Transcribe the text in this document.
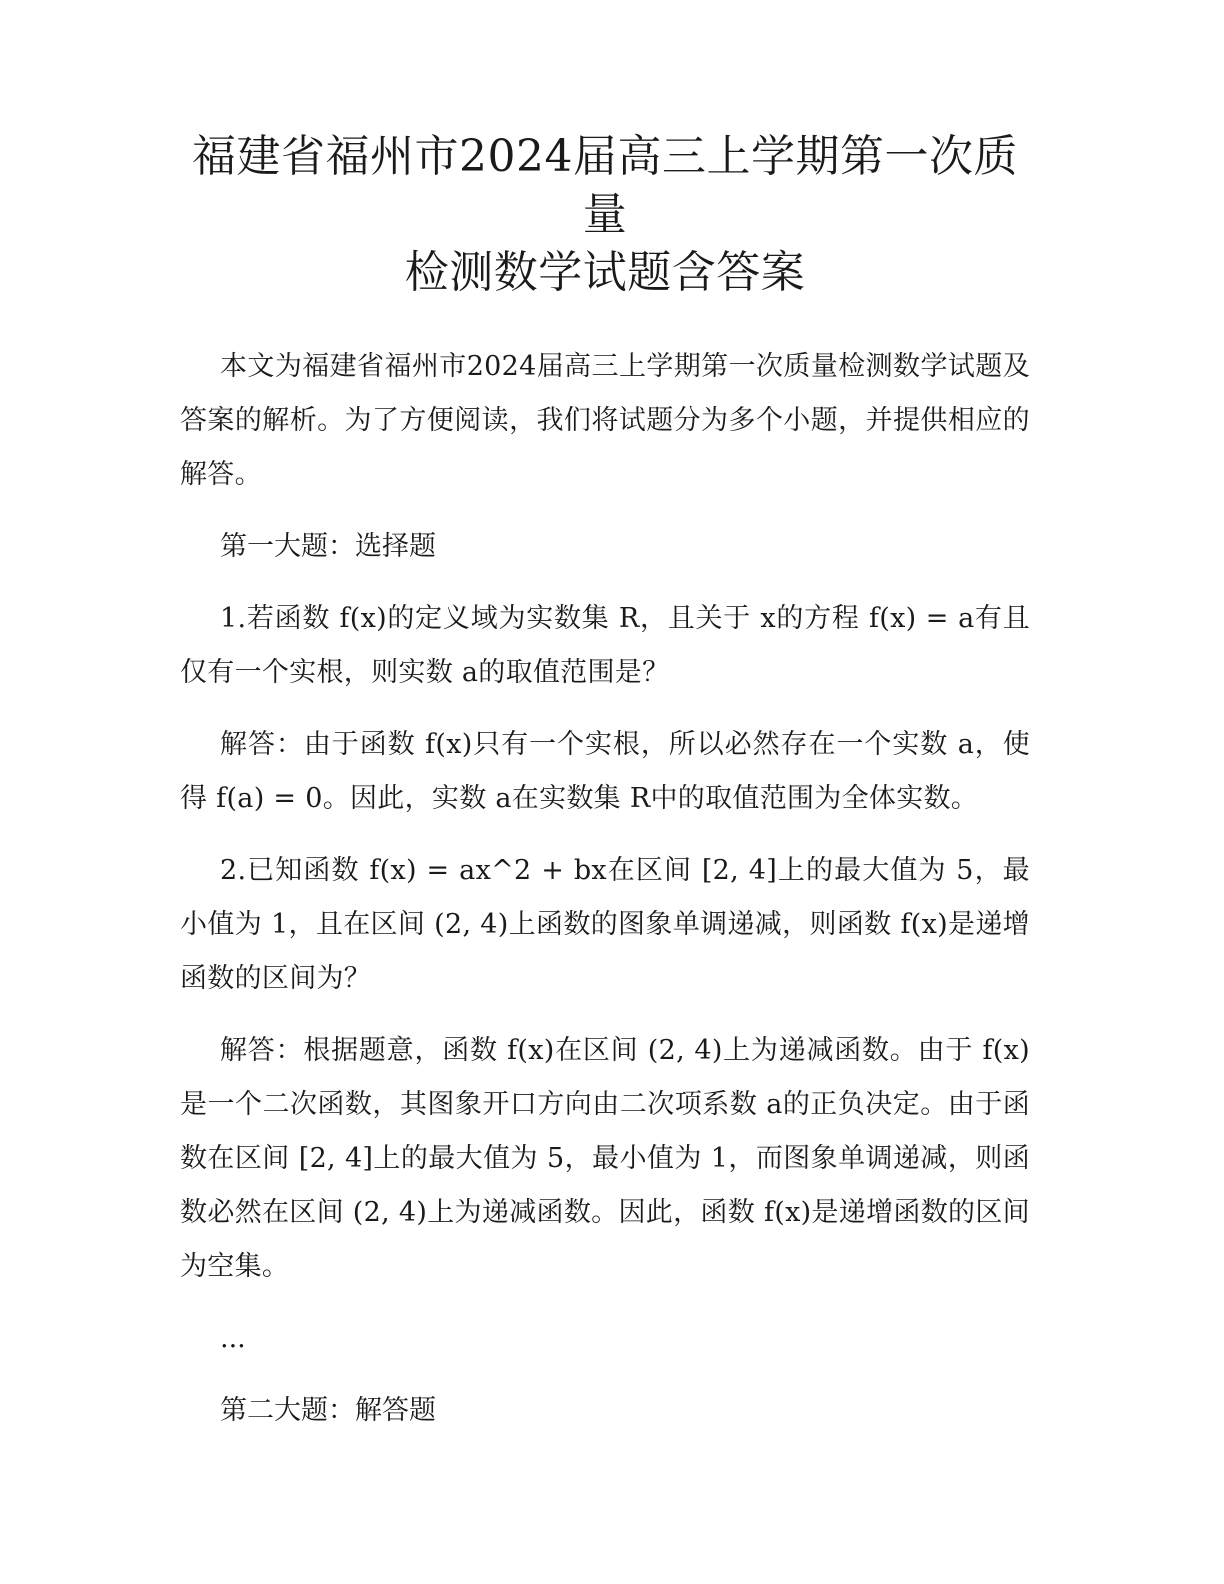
福建省福州市2024届高三上学期第一次质量
检测数学试题含答案

本文为福建省福州市2024届高三上学期第一次质量检测数学试题及答案的解析。为了方便阅读，我们将试题分为多个小题，并提供相应的解答。

第一大题：选择题

1.若函数 f(x)的定义域为实数集 R，且关于 x的方程 f(x) = a有且仅有一个实根，则实数 a的取值范围是？

解答：由于函数 f(x)只有一个实根，所以必然存在一个实数 a，使得 f(a) = 0。因此，实数 a在实数集 R中的取值范围为全体实数。

2.已知函数 f(x) = ax^2 + bx在区间 [2, 4]上的最大值为 5，最小值为 1，且在区间 (2, 4)上函数的图象单调递减，则函数 f(x)是递增函数的区间为？

解答：根据题意，函数 f(x)在区间 (2, 4)上为递减函数。由于 f(x)是一个二次函数，其图象开口方向由二次项系数 a的正负决定。由于函数在区间 [2, 4]上的最大值为 5，最小值为 1，而图象单调递减，则函数必然在区间 (2, 4)上为递减函数。因此，函数 f(x)是递增函数的区间为空集。

...

第二大题：解答题
